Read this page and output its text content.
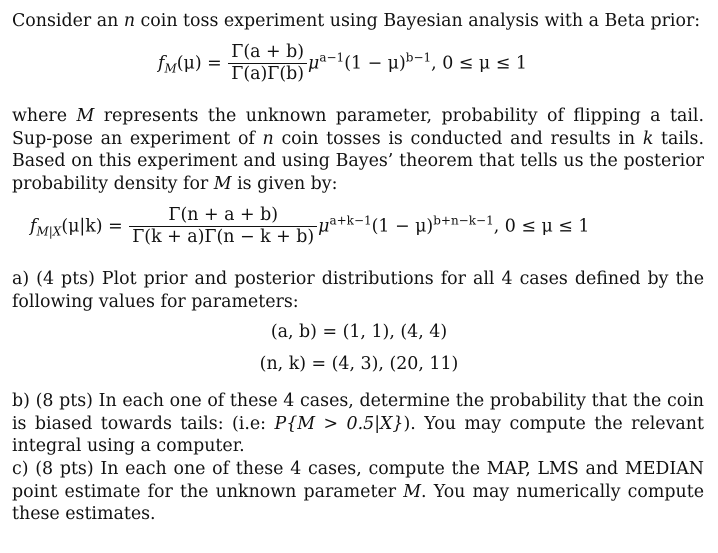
Consider an n coin toss experiment using Bayesian analysis with a Beta prior:

$f_M(\mu) = \frac{\Gamma(a + b)}{\Gamma(a)\Gamma(b)} \mu^{a-1}(1 - \mu)^{b-1}$, 0 ≤ μ ≤ 1

where M represents the unknown parameter, probability of flipping a tail. Sup-pose an experiment of n coin tosses is conducted and results in k tails. Based on this experiment and using Bayes’ theorem that tells us the posterior probability density for M is given by:

$f_{M|X}(\mu|k) = \frac{\Gamma(n + a + b)}{\Gamma(k + a)\Gamma(n - k + b)} \mu^{a+k-1}(1 - \mu)^{b+n-k-1}$, 0 ≤ μ ≤ 1

a) (4 pts) Plot prior and posterior distributions for all 4 cases defined by the following values for parameters:

(a, b) = (1, 1), (4, 4)
(n, k) = (4, 3), (20, 11)

b) (8 pts) In each one of these 4 cases, determine the probability that the coin is biased towards tails: (i.e: P{M > 0.5|X}). You may compute the relevant integral using a computer.

c) (8 pts) In each one of these 4 cases, compute the MAP, LMS and MEDIAN point estimate for the unknown parameter M. You may numerically compute these estimates.
